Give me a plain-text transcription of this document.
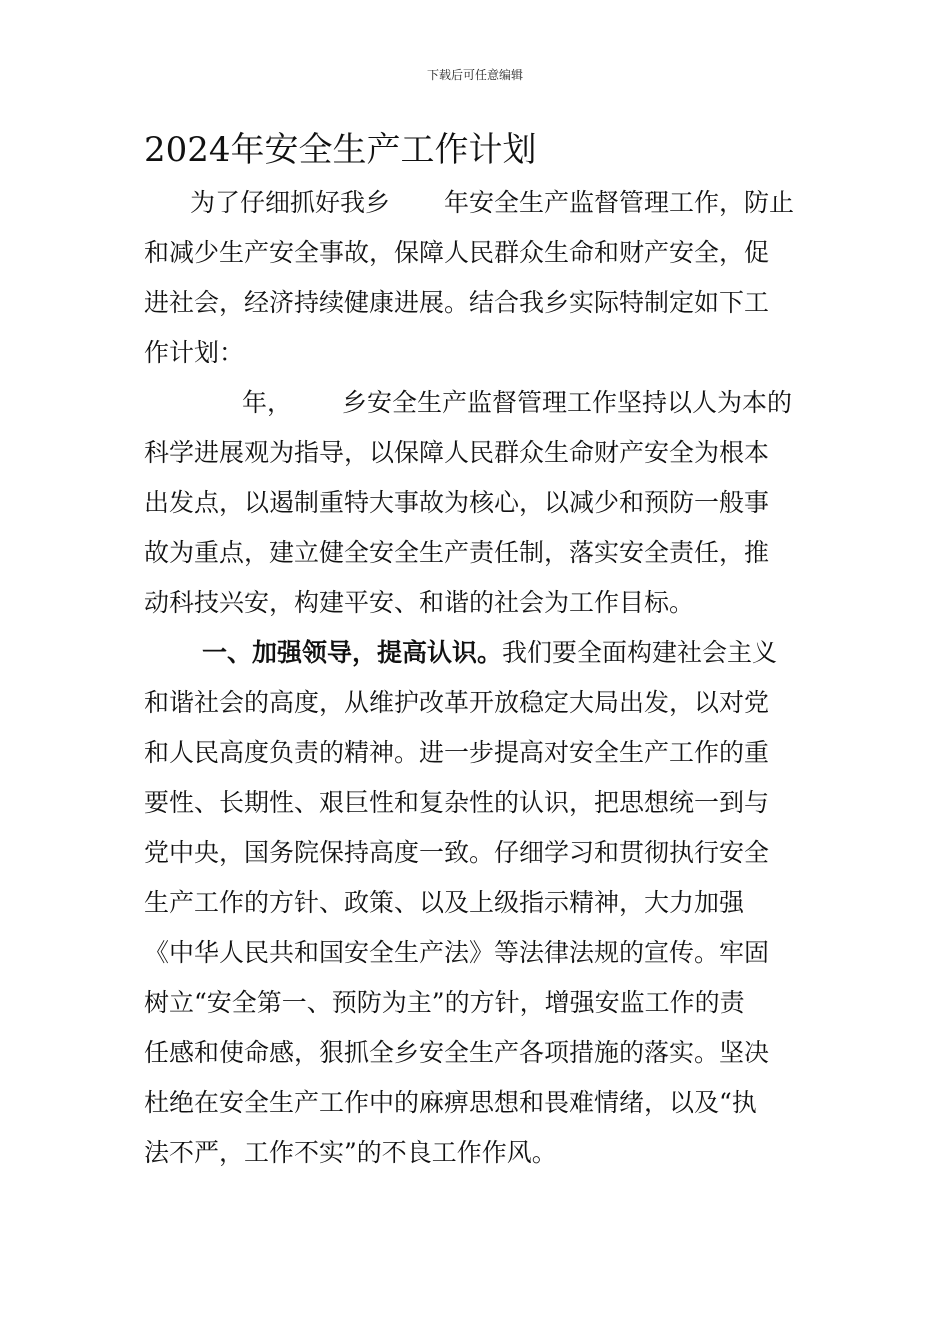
下载后可任意编辑
2024年安全生产工作计划
为了仔细抓好我乡 年安全生产监督管理工作，防止
和减少生产安全事故，保障人民群众生命和财产安全，促
进社会，经济持续健康进展。结合我乡实际特制定如下工
作计划：
年， 乡安全生产监督管理工作坚持以人为本的
科学进展观为指导，以保障人民群众生命财产安全为根本
出发点，以遏制重特大事故为核心，以减少和预防一般事
故为重点，建立健全安全生产责任制，落实安全责任，推
动科技兴安，构建平安、和谐的社会为工作目标。
一、加强领导，提高认识。我们要全面构建社会主义
和谐社会的高度，从维护改革开放稳定大局出发，以对党
和人民高度负责的精神。进一步提高对安全生产工作的重
要性、长期性、艰巨性和复杂性的认识，把思想统一到与
党中央，国务院保持高度一致。仔细学习和贯彻执行安全
生产工作的方针、政策、以及上级指示精神，大力加强
《中华人民共和国安全生产法》等法律法规的宣传。牢固
树立“安全第一、预防为主”的方针，增强安监工作的责
任感和使命感，狠抓全乡安全生产各项措施的落实。坚决
杜绝在安全生产工作中的麻痹思想和畏难情绪，以及“执
法不严，工作不实”的不良工作作风。
